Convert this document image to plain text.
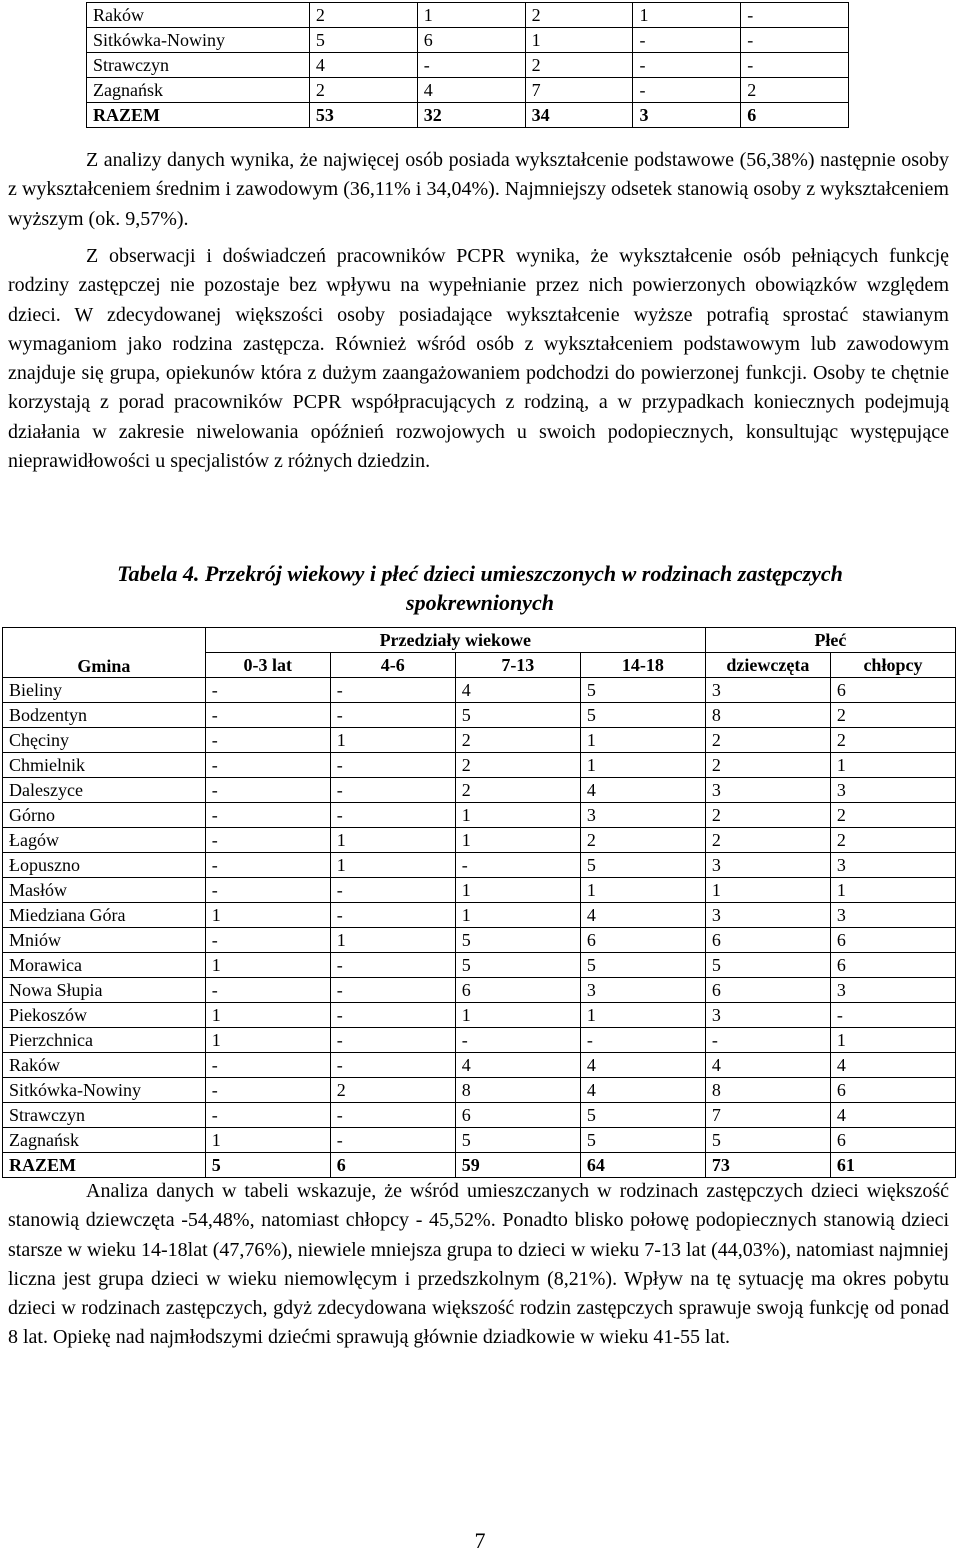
Raków	2	1	2	1	-
Sitkówka-Nowiny	5	6	1	-	-
Strawczyn	4	-	2	-	-
Zagnańsk	2	4	7	-	2
RAZEM	53	32	34	3	6

Z analizy danych wynika, że najwięcej osób posiada wykształcenie podstawowe (56,38%) następnie osoby z wykształceniem średnim i zawodowym (36,11% i 34,04%). Najmniejszy odsetek stanowią osoby z wykształceniem wyższym (ok. 9,57%).

Z obserwacji i doświadczeń pracowników PCPR wynika, że wykształcenie osób pełniących funkcję rodziny zastępczej nie pozostaje bez wpływu na wypełnianie przez nich powierzonych obowiązków względem dzieci. W zdecydowanej większości osoby posiadające wykształcenie wyższe potrafią sprostać stawianym wymaganiom jako rodzina zastępcza. Również wśród osób z wykształceniem podstawowym lub zawodowym znajduje się grupa, opiekunów która z dużym zaangażowaniem podchodzi do powierzonej funkcji. Osoby te chętnie korzystają z porad pracowników PCPR współpracujących z rodziną, a w przypadkach koniecznych podejmują działania w zakresie niwelowania opóźnień rozwojowych u swoich podopiecznych, konsultując występujące nieprawidłowości u specjalistów z różnych dziedzin.

Tabela 4. Przekrój wiekowy i płeć dzieci umieszczonych w rodzinach zastępczych
spokrewnionych
Gmina	Przedziały wiekowe				Płeć	
	0-3 lat	4-6	7-13	14-18	dziewczęta	chłopcy
Bieliny	-	-	4	5	3	6
Bodzentyn	-	-	5	5	8	2
Chęciny	-	1	2	1	2	2
Chmielnik	-	-	2	1	2	1
Daleszyce	-	-	2	4	3	3
Górno	-	-	1	3	2	2
Łagów	-	1	1	2	2	2
Łopuszno	-	1	-	5	3	3
Masłów	-	-	1	1	1	1
Miedziana Góra	1	-	1	4	3	3
Mniów	-	1	5	6	6	6
Morawica	1	-	5	5	5	6
Nowa Słupia	-	-	6	3	6	3
Piekoszów	1	-	1	1	3	-
Pierzchnica	1	-	-	-	-	1
Raków	-	-	4	4	4	4
Sitkówka-Nowiny	-	2	8	4	8	6
Strawczyn	-	-	6	5	7	4
Zagnańsk	1	-	5	5	5	6
RAZEM	5	6	59	64	73	61

Analiza danych w tabeli wskazuje, że wśród umieszczanych w rodzinach zastępczych dzieci większość stanowią dziewczęta -54,48%, natomiast chłopcy - 45,52%. Ponadto blisko połowę podopiecznych stanowią dzieci starsze w wieku 14-18lat (47,76%), niewiele mniejsza grupa to dzieci w wieku 7-13 lat (44,03%), natomiast najmniej liczna jest grupa dzieci w wieku niemowlęcym i przedszkolnym (8,21%). Wpływ na tę sytuację ma okres pobytu dzieci w rodzinach zastępczych, gdyż zdecydowana większość rodzin zastępczych sprawuje swoją funkcję od ponad 8 lat. Opiekę nad najmłodszymi dziećmi sprawują głównie dziadkowie w wieku 41-55 lat.

7
